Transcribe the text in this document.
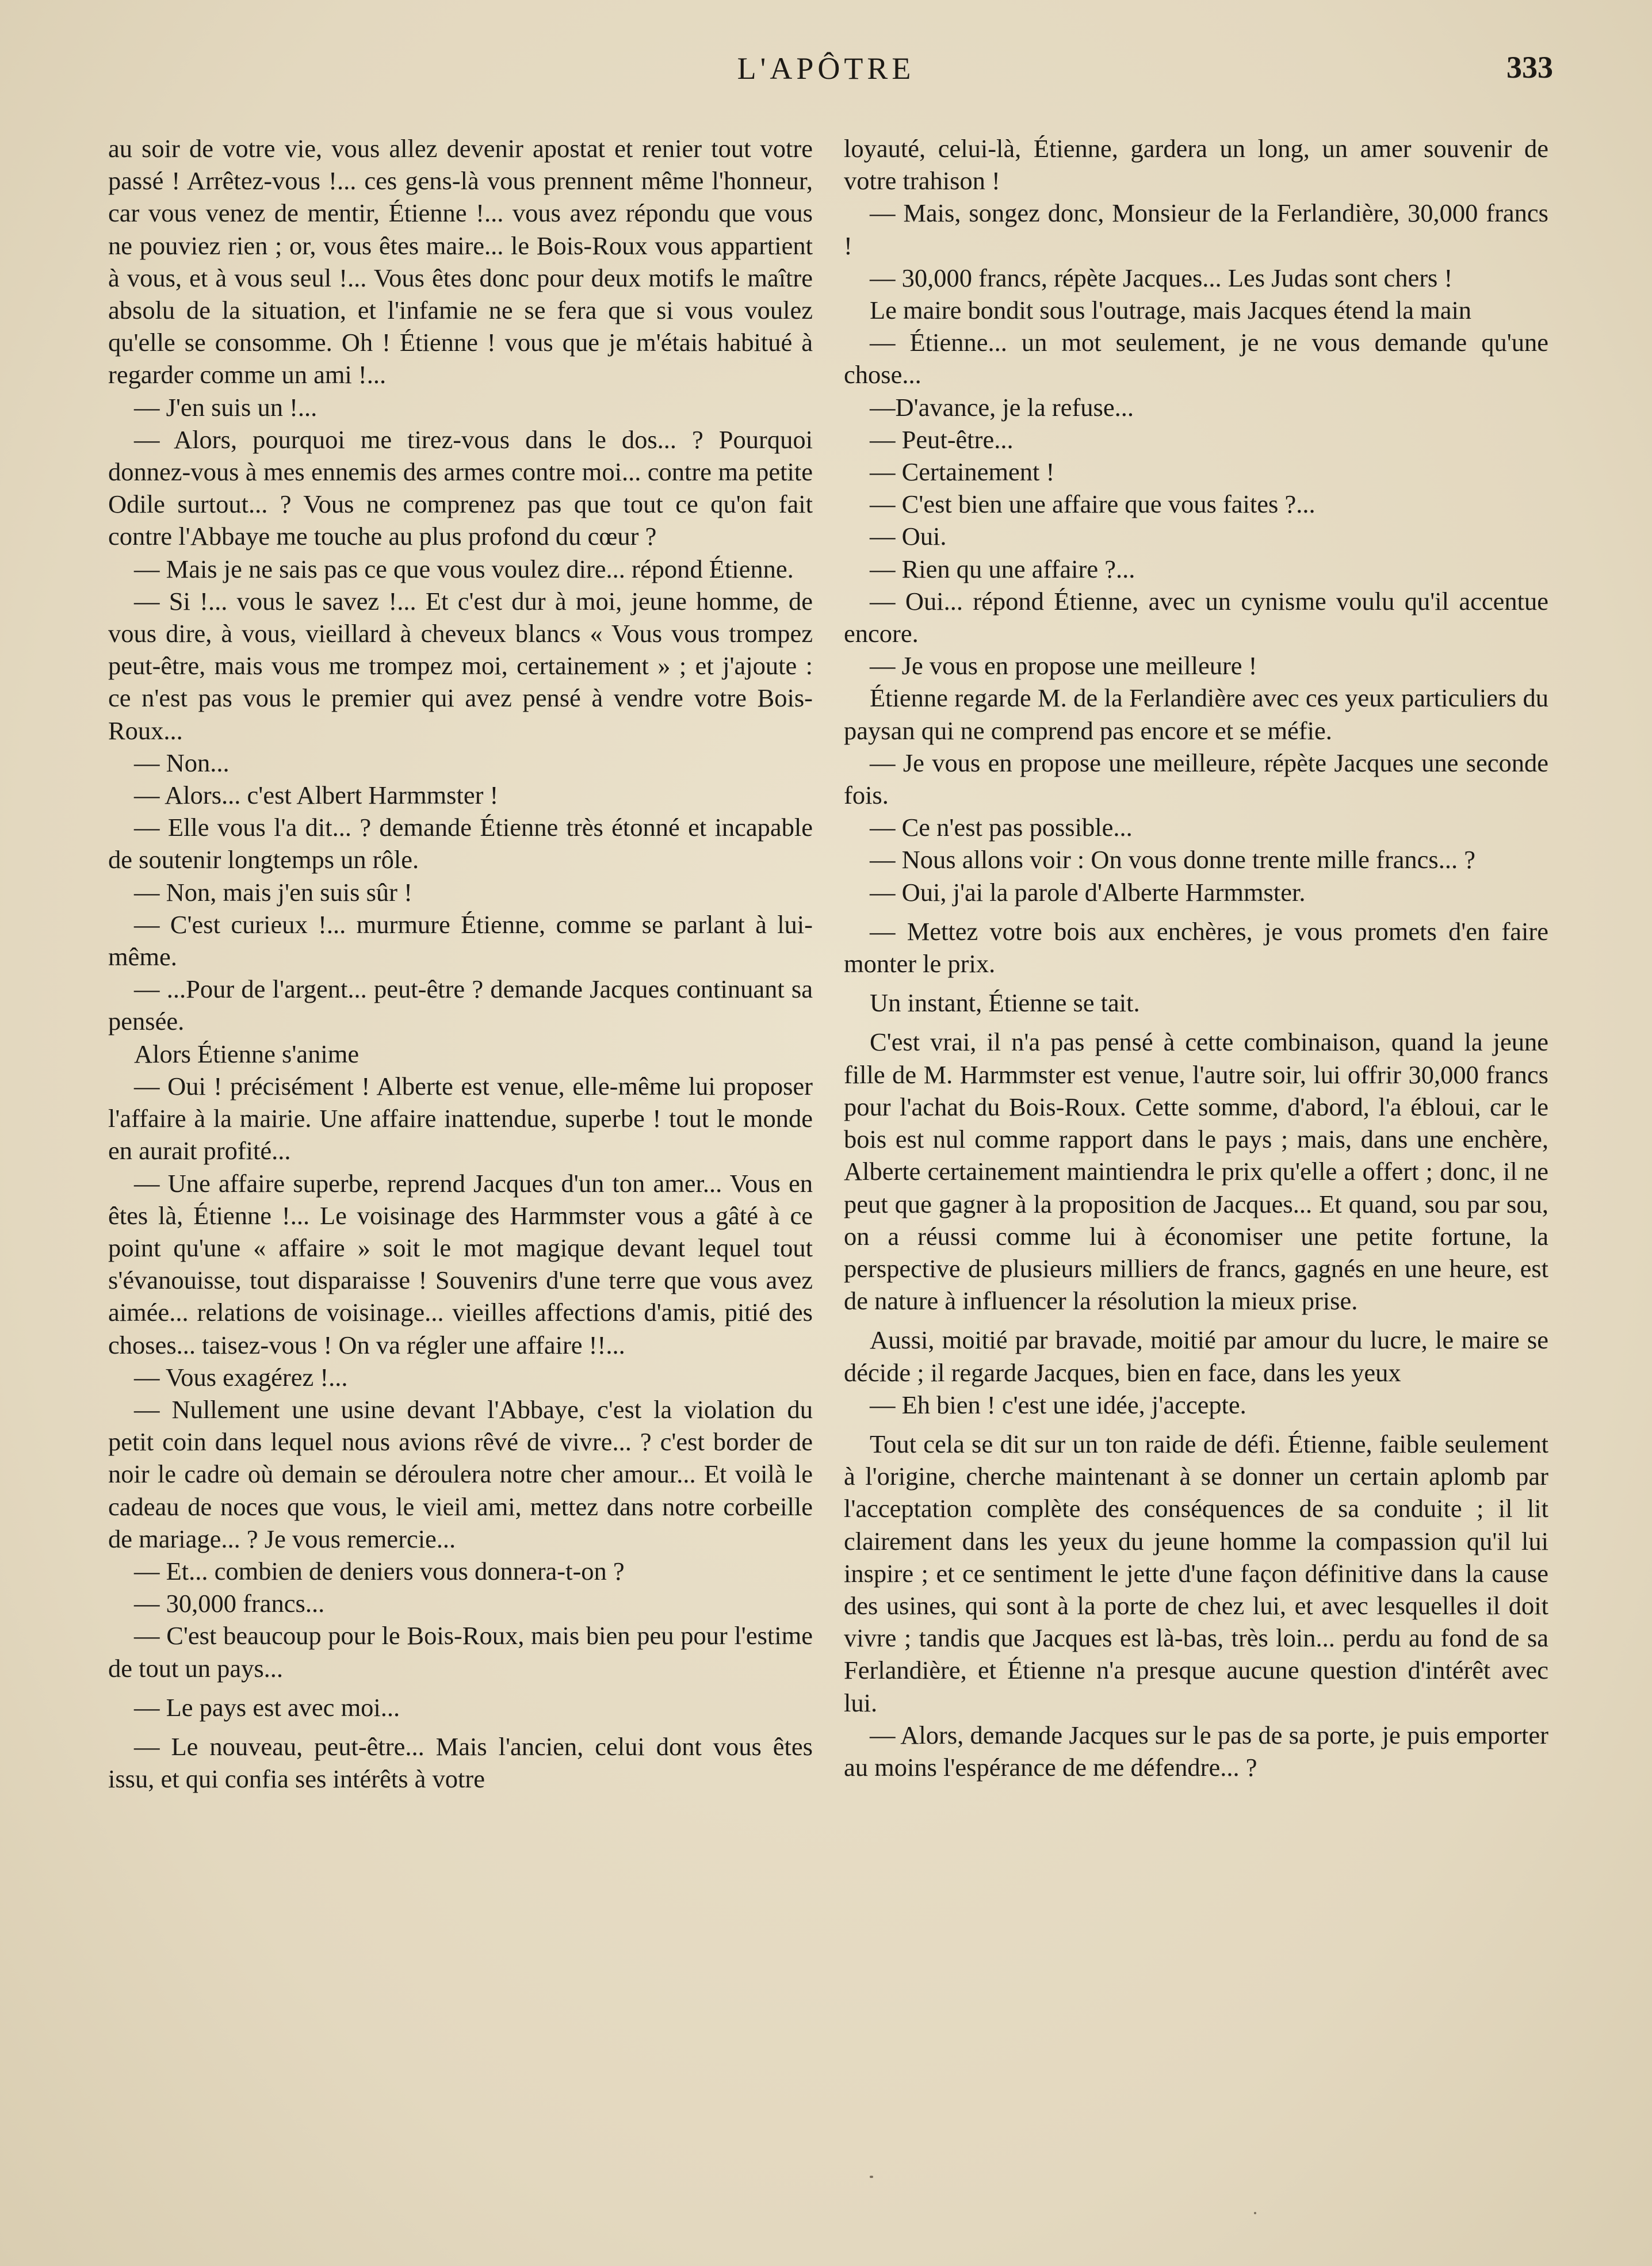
L'APÔTRE	333

au soir de votre vie, vous allez devenir apostat et renier tout votre passé ! Arrêtez-vous !... ces gens-là vous prennent même l'honneur, car vous venez de mentir, Étienne !... vous avez répondu que vous ne pouviez rien ; or, vous êtes maire... le Bois-Roux vous appartient à vous, et à vous seul !... Vous êtes donc pour deux motifs le maître absolu de la situation, et l'infamie ne se fera que si vous voulez qu'elle se consomme. Oh ! Étienne ! vous que je m'étais habitué à regarder comme un ami !...

— J'en suis un !...

— Alors, pourquoi me tirez-vous dans le dos... ? Pourquoi donnez-vous à mes ennemis des armes contre moi... contre ma petite Odile surtout... ? Vous ne comprenez pas que tout ce qu'on fait contre l'Abbaye me touche au plus profond du cœur ?

— Mais je ne sais pas ce que vous voulez dire... répond Étienne.

— Si !... vous le savez !... Et c'est dur à moi, jeune homme, de vous dire, à vous, vieillard à cheveux blancs « Vous vous trompez peut-être, mais vous me trompez moi, certainement » ; et j'ajoute : ce n'est pas vous le premier qui avez pensé à vendre votre Bois-Roux...

— Non...

— Alors... c'est Albert Harmmster !

— Elle vous l'a dit... ? demande Étienne très étonné et incapable de soutenir longtemps un rôle.

— Non, mais j'en suis sûr !

— C'est curieux !... murmure Étienne, comme se parlant à lui-même.

— ...Pour de l'argent... peut-être ? demande Jacques continuant sa pensée.

Alors Étienne s'anime

— Oui ! précisément ! Alberte est venue, elle-même lui proposer l'affaire à la mairie. Une affaire inattendue, superbe ! tout le monde en aurait profité...

— Une affaire superbe, reprend Jacques d'un ton amer... Vous en êtes là, Étienne !... Le voisinage des Harmmster vous a gâté à ce point qu'une « affaire » soit le mot magique devant lequel tout s'évanouisse, tout disparaisse ! Souvenirs d'une terre que vous avez aimée... relations de voisinage... vieilles affections d'amis, pitié des choses... taisez-vous ! On va régler une affaire !!...

— Vous exagérez !...

— Nullement une usine devant l'Abbaye, c'est la violation du petit coin dans lequel nous avions rêvé de vivre... ? c'est border de noir le cadre où demain se déroulera notre cher amour... Et voilà le cadeau de noces que vous, le vieil ami, mettez dans notre corbeille de mariage... ? Je vous remercie...

— Et... combien de deniers vous donnera-t-on ?

— 30,000 francs...

— C'est beaucoup pour le Bois-Roux, mais bien peu pour l'estime de tout un pays...

— Le pays est avec moi...

— Le nouveau, peut-être... Mais l'ancien, celui dont vous êtes issu, et qui confia ses intérêts à votre

loyauté, celui-là, Étienne, gardera un long, un amer souvenir de votre trahison !

— Mais, songez donc, Monsieur de la Ferlandière, 30,000 francs !

— 30,000 francs, répète Jacques... Les Judas sont chers !

Le maire bondit sous l'outrage, mais Jacques étend la main

— Étienne... un mot seulement, je ne vous demande qu'une chose...

—D'avance, je la refuse...

— Peut-être...

— Certainement !

— C'est bien une affaire que vous faites ?...

— Oui.

— Rien qu une affaire ?...

— Oui... répond Étienne, avec un cynisme voulu qu'il accentue encore.

— Je vous en propose une meilleure !

Étienne regarde M. de la Ferlandière avec ces yeux particuliers du paysan qui ne comprend pas encore et se méfie.

— Je vous en propose une meilleure, répète Jacques une seconde fois.

— Ce n'est pas possible...

— Nous allons voir : On vous donne trente mille francs... ?

— Oui, j'ai la parole d'Alberte Harmmster.

— Mettez votre bois aux enchères, je vous promets d'en faire monter le prix.

Un instant, Étienne se tait.

C'est vrai, il n'a pas pensé à cette combinaison, quand la jeune fille de M. Harmmster est venue, l'autre soir, lui offrir 30,000 francs pour l'achat du Bois-Roux. Cette somme, d'abord, l'a ébloui, car le bois est nul comme rapport dans le pays ; mais, dans une enchère, Alberte certainement maintiendra le prix qu'elle a offert ; donc, il ne peut que gagner à la proposition de Jacques... Et quand, sou par sou, on a réussi comme lui à économiser une petite fortune, la perspective de plusieurs milliers de francs, gagnés en une heure, est de nature à influencer la résolution la mieux prise.

Aussi, moitié par bravade, moitié par amour du lucre, le maire se décide ; il regarde Jacques, bien en face, dans les yeux

— Eh bien ! c'est une idée, j'accepte.

Tout cela se dit sur un ton raide de défi. Étienne, faible seulement à l'origine, cherche maintenant à se donner un certain aplomb par l'acceptation complète des conséquences de sa conduite ; il lit clairement dans les yeux du jeune homme la compassion qu'il lui inspire ; et ce sentiment le jette d'une façon définitive dans la cause des usines, qui sont à la porte de chez lui, et avec lesquelles il doit vivre ; tandis que Jacques est là-bas, très loin... perdu au fond de sa Ferlandière, et Étienne n'a presque aucune question d'intérêt avec lui.

— Alors, demande Jacques sur le pas de sa porte, je puis emporter au moins l'espérance de me défendre... ?
